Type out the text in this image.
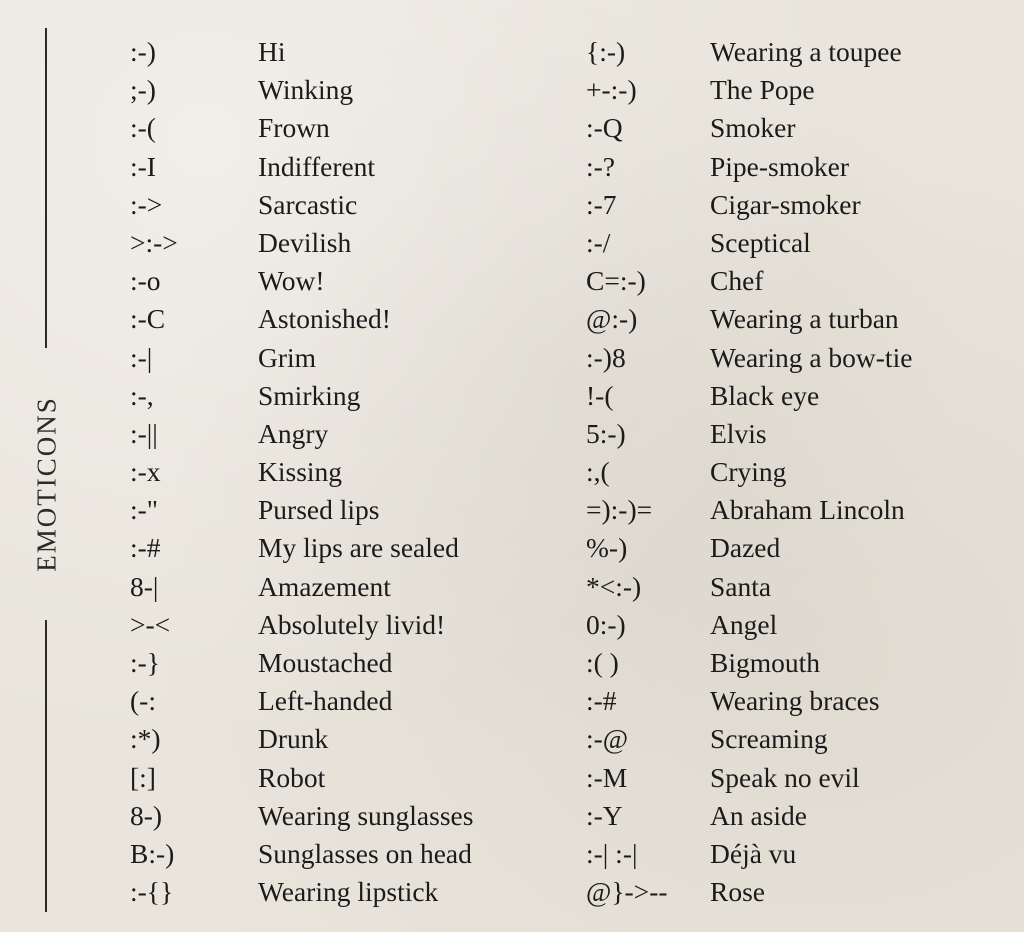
EMOTICONS
:-)	Hi	{:-)	Wearing a toupee
;-)	Winking	+-:-)	The Pope
:-(	Frown	:-Q	Smoker
:-I	Indifferent	:-?	Pipe-smoker
:->	Sarcastic	:-7	Cigar-smoker
>:->	Devilish	:-/	Sceptical
:-o	Wow!	C=:-) Chef
:-C	Astonished!	@:-)	Wearing a turban
:-|	Grim	:-)8	Wearing a bow-tie
:-,	Smirking	!-(	Black eye
:-||	Angry	5:-)	Elvis
:-x	Kissing	:,(	Crying
:-"	Pursed lips	=):-)= Abraham Lincoln
:-#	My lips are sealed	%-)	Dazed
8-|	Amazement	*<:-)	Santa
>-<	Absolutely livid!	0:-)	Angel
:-}	Moustached	:( )	Bigmouth
(-:	Left-handed	:-#	Wearing braces
:*)	Drunk	:-@	Screaming
[:]	Robot	:-M	Speak no evil
8-)	Wearing sunglasses	:-Y	An aside
B:-)	Sunglasses on head	:-| :-|	Déjà vu
:-{}	Wearing lipstick	@}->-- Rose
